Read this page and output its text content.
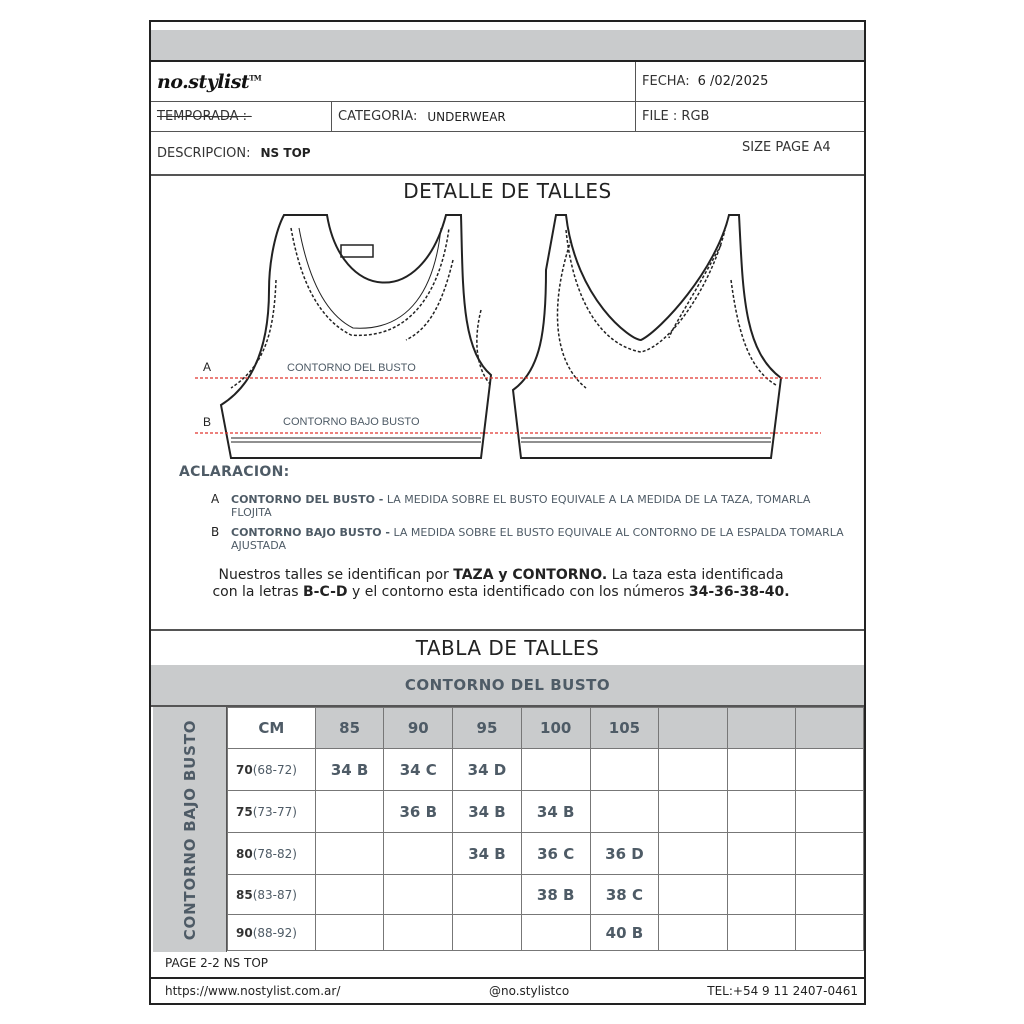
no.stylist™	FECHA: 6 /02/2025
TEMPORADA :-	CATEGORIA: UNDERWEAR	FILE : RGB
DESCRIPCION: NS TOP	SIZE PAGE A4
DETALLE DE TALLES
A
B
CONTORNO DEL BUSTO
CONTORNO BAJO BUSTO
ACLARACION:
A CONTORNO DEL BUSTO - LA MEDIDA SOBRE EL BUSTO EQUIVALE A LA MEDIDA DE LA TAZA, TOMARLA FLOJITA
B CONTORNO BAJO BUSTO - LA MEDIDA SOBRE EL BUSTO EQUIVALE AL CONTORNO DE LA ESPALDA TOMARLA AJUSTADA
Nuestros talles se identifican por TAZA y CONTORNO. La taza esta identificada con la letras B-C-D y el contorno esta identificado con los números 34-36-38-40.
TABLA DE TALLES
CONTORNO DEL BUSTO
CONTORNO BAJO BUSTO	CM	85	90	95	100	105			
70(68-72)	34 B	34 C	34 D					
75(73-77)		36 B	34 B	34 B				
80(78-82)			34 B	36 C	36 D			
85(83-87)				38 B	38 C			
90(88-92)					40 B			
PAGE 2-2 NS TOP
https://www.nostylist.com.ar/	@no.stylistco	TEL:+54 9 11 2407-0461
